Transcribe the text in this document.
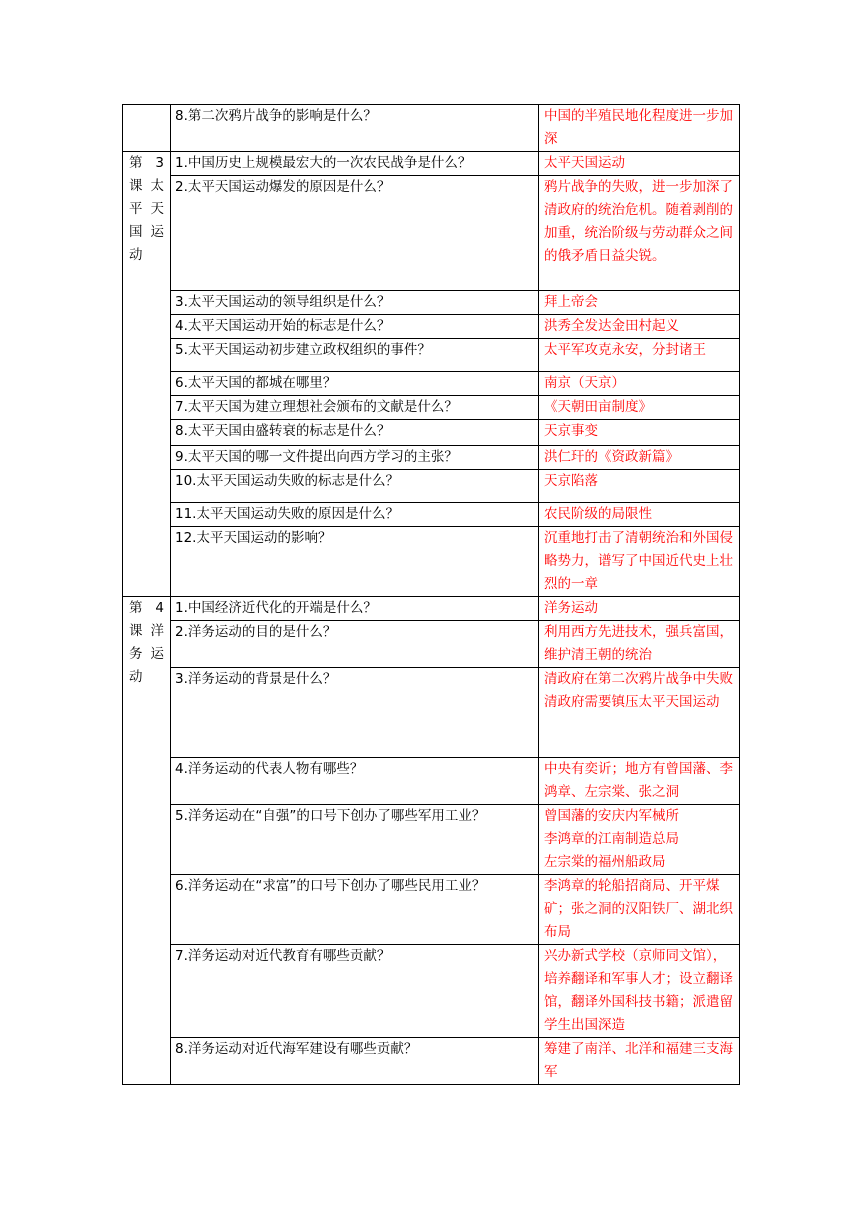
	8.第二次鸦片战争的影响是什么？	中国的半殖民地化程度进一步加深

第 3 课太平天国运动	1.中国历史上规模最宏大的一次农民战争是什么？	太平天国运动

	2.太平天国运动爆发的原因是什么？	鸦片战争的失败，进一步加深了清政府的统治危机。随着剥削的加重，统治阶级与劳动群众之间的俄矛盾日益尖锐。

	3.太平天国运动的领导组织是什么？	拜上帝会

	4.太平天国运动开始的标志是什么？	洪秀全发达金田村起义

	5.太平天国运动初步建立政权组织的事件？	太平军攻克永安，分封诸王

	6.太平天国的都城在哪里？	南京（天京）

	7.太平天国为建立理想社会颁布的文献是什么？	《天朝田亩制度》

	8.太平天国由盛转衰的标志是什么？	天京事变

	9.太平天国的哪一文件提出向西方学习的主张？	洪仁玕的《资政新篇》

	10.太平天国运动失败的标志是什么？	天京陷落

	11.太平天国运动失败的原因是什么？	农民阶级的局限性

	12.太平天国运动的影响？	沉重地打击了清朝统治和外国侵略势力，谱写了中国近代史上壮烈的一章

第 4 课洋务运动	1.中国经济近代化的开端是什么？	洋务运动

	2.洋务运动的目的是什么？	利用西方先进技术，强兵富国，维护清王朝的统治

	3.洋务运动的背景是什么？	清政府在第二次鸦片战争中失败
清政府需要镇压太平天国运动

	4.洋务运动的代表人物有哪些？	中央有奕䜣；地方有曾国藩、李鸿章、左宗棠、张之洞

	5.洋务运动在“自强”的口号下创办了哪些军用工业？	曾国藩的安庆内军械所
李鸿章的江南制造总局
左宗棠的福州船政局

	6.洋务运动在“求富”的口号下创办了哪些民用工业？	李鸿章的轮船招商局、开平煤矿；张之洞的汉阳铁厂、湖北织布局

	7.洋务运动对近代教育有哪些贡献？	兴办新式学校（京师同文馆），培养翻译和军事人才；设立翻译馆，翻译外国科技书籍；派遣留学生出国深造

	8.洋务运动对近代海军建设有哪些贡献？	筹建了南洋、北洋和福建三支海军
